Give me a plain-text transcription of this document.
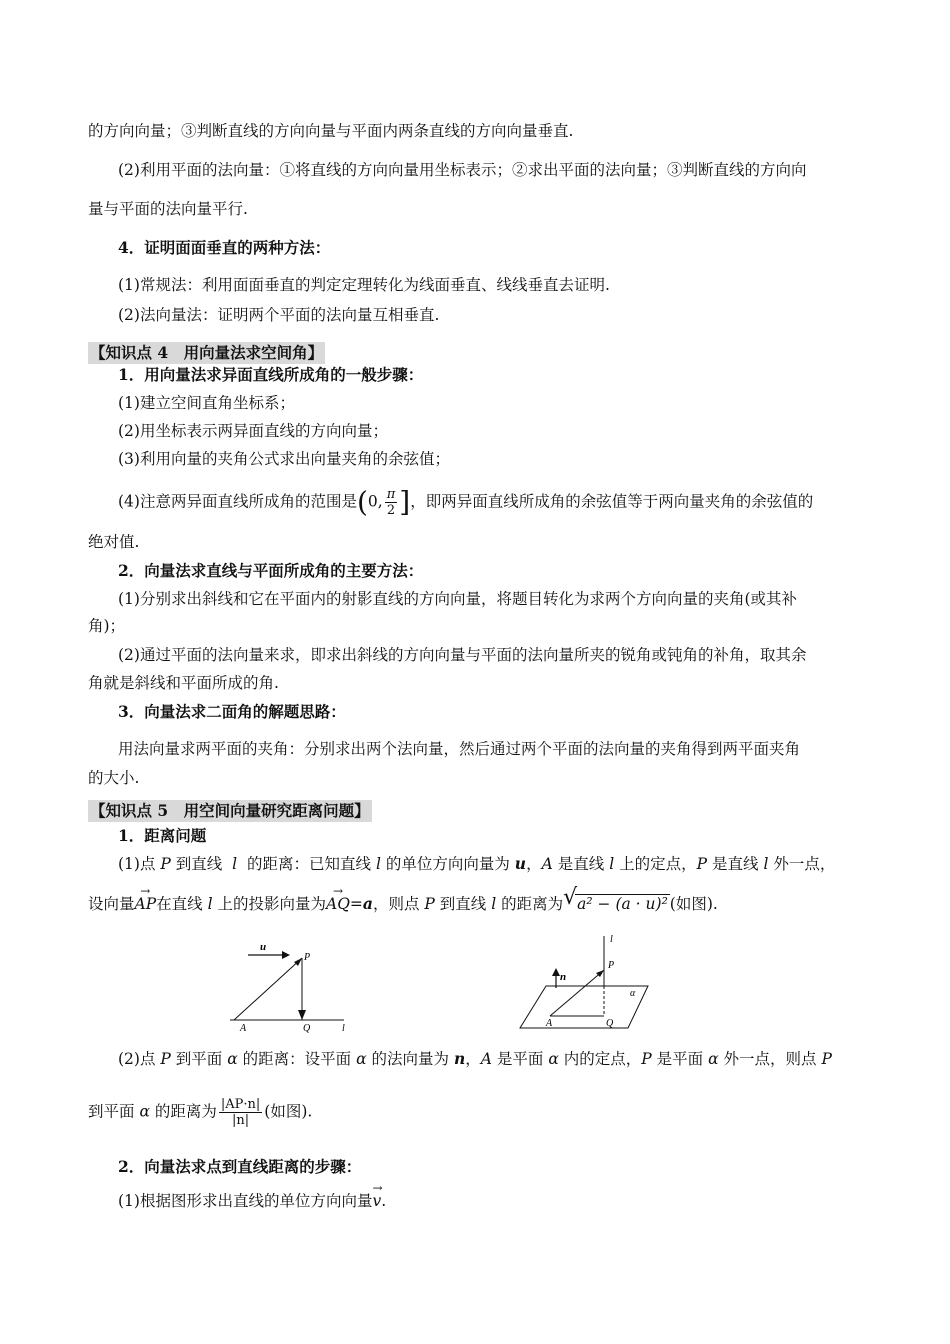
的方向向量；③判断直线的方向向量与平面内两条直线的方向向量垂直.
(2)利用平面的法向量：①将直线的方向向量用坐标表示；②求出平面的法向量；③判断直线的方向向
量与平面的法向量平行.
4．证明面面垂直的两种方法：
(1)常规法：利用面面垂直的判定定理转化为线面垂直、线线垂直去证明.
(2)法向量法：证明两个平面的法向量互相垂直.
【知识点 4　用向量法求空间角】
1．用向量法求异面直线所成角的一般步骤：
(1)建立空间直角坐标系；
(2)用坐标表示两异面直线的方向向量；
(3)利用向量的夹角公式求出向量夹角的余弦值；
(4)注意两异面直线所成角的范围是(0, $\frac{\pi}{2}$ ]，即两异面直线所成角的余弦值等于两向量夹角的余弦值的
绝对值.
2．向量法求直线与平面所成角的主要方法：
(1)分别求出斜线和它在平面内的射影直线的方向向量，将题目转化为求两个方向向量的夹角(或其补
角)；
(2)通过平面的法向量来求，即求出斜线的方向向量与平面的法向量所夹的锐角或钝角的补角，取其余
角就是斜线和平面所成的角.
3．向量法求二面角的解题思路：
用法向量求两平面的夹角：分别求出两个法向量，然后通过两个平面的法向量的夹角得到两平面夹角
的大小.
【知识点 5　用空间向量研究距离问题】
1．距离问题
(1)点 P 到直线 l 的距离：已知直线 l 的单位方向向量为 u，A 是直线 l 上的定点，P 是直线 l 外一点，
设向量→ AP在直线 l 上的投影向量为→ AQ=a，则点 P 到直线 l 的距离为 √ a² − (a · u)² (如图).
u
P
A	Q	l
l
n
P
α
A	Q
(2)点 P 到平面 α 的距离：设平面 α 的法向量为 n，A 是平面 α 内的定点，P 是平面 α 外一点，则点 P
到平面 α 的距离为 $\frac{|AP\cdot n|}{|n|}$ (如图).
2．向量法求点到直线距离的步骤：
(1)根据图形求出直线的单位方向向量→ v.
